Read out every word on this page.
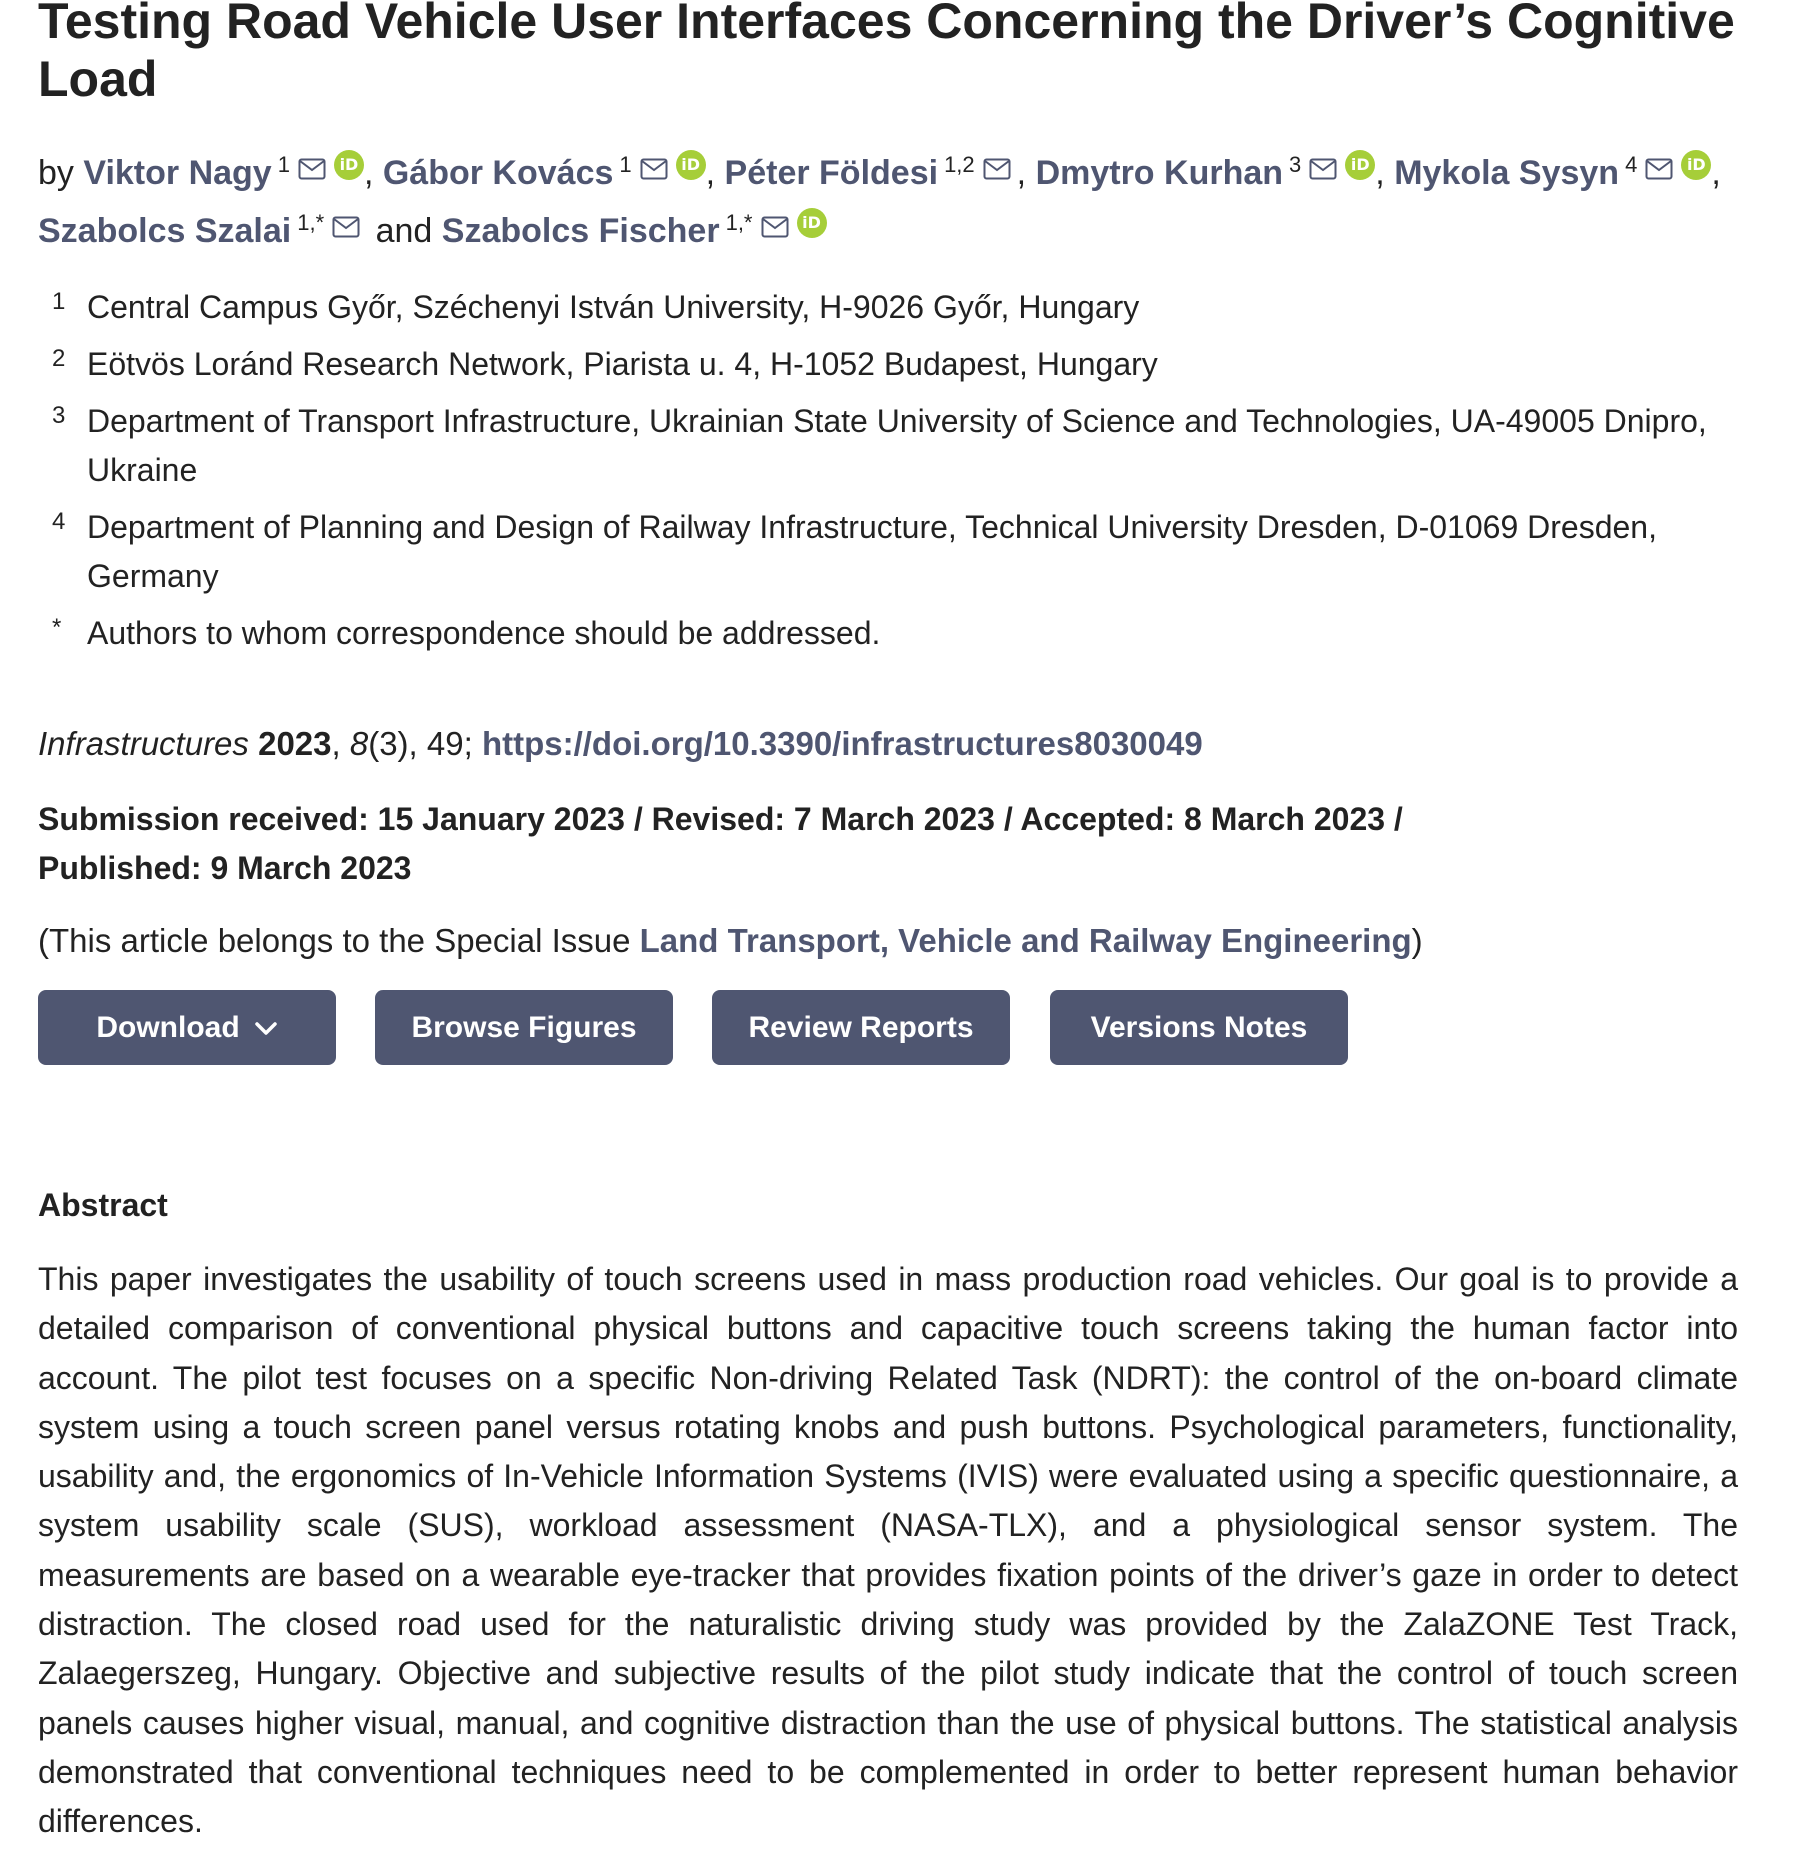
Testing Road Vehicle User Interfaces Concerning the Driver’s Cognitive Load
by Viktor Nagy $^1$	iD , Gábor Kovács $^1$	iD , Péter Földesi $^{1,2}$ , Dmytro Kurhan $^3$	iD , Mykola Sysyn $^4$	iD ,
Szabolcs Szalai $^{1,*}$ and Szabolcs Fischer $^{1,*}$	iD
1 Central Campus Győr, Széchenyi István University, H-9026 Győr, Hungary
2 Eötvös Loránd Research Network, Piarista u. 4, H-1052 Budapest, Hungary
3 Department of Transport Infrastructure, Ukrainian State University of Science and Technologies, UA-49005 Dnipro, Ukraine
4 Department of Planning and Design of Railway Infrastructure, Technical University Dresden, D-01069 Dresden, Germany
* Authors to whom correspondence should be addressed.
Infrastructures 2023, 8(3), 49; https://doi.org/10.3390/infrastructures8030049
Submission received: 15 January 2023 / Revised: 7 March 2023 / Accepted: 8 March 2023 / Published: 9 March 2023
(This article belongs to the Special Issue Land Transport, Vehicle and Railway Engineering)
Download	Browse Figures	Review Reports	Versions Notes
Abstract

This paper investigates the usability of touch screens used in mass production road vehicles. Our goal is to provide a detailed comparison of conventional physical buttons and capacitive touch screens taking the human factor into account. The pilot test focuses on a specific Non-driving Related Task (NDRT): the control of the on-board climate system using a touch screen panel versus rotating knobs and push buttons. Psychological parameters, functionality, usability and, the ergonomics of In-Vehicle Information Systems (IVIS) were evaluated using a specific questionnaire, a system usability scale (SUS), workload assessment (NASA-TLX), and a physiological sensor system. The measurements are based on a wearable eye-tracker that provides fixation points of the driver’s gaze in order to detect distraction. The closed road used for the naturalistic driving study was provided by the ZalaZONE Test Track, Zalaegerszeg, Hungary. Objective and subjective results of the pilot study indicate that the control of touch screen panels causes higher visual, manual, and cognitive distraction than the use of physical buttons. The statistical analysis demonstrated that conventional techniques need to be complemented in order to better represent human behavior differences.
